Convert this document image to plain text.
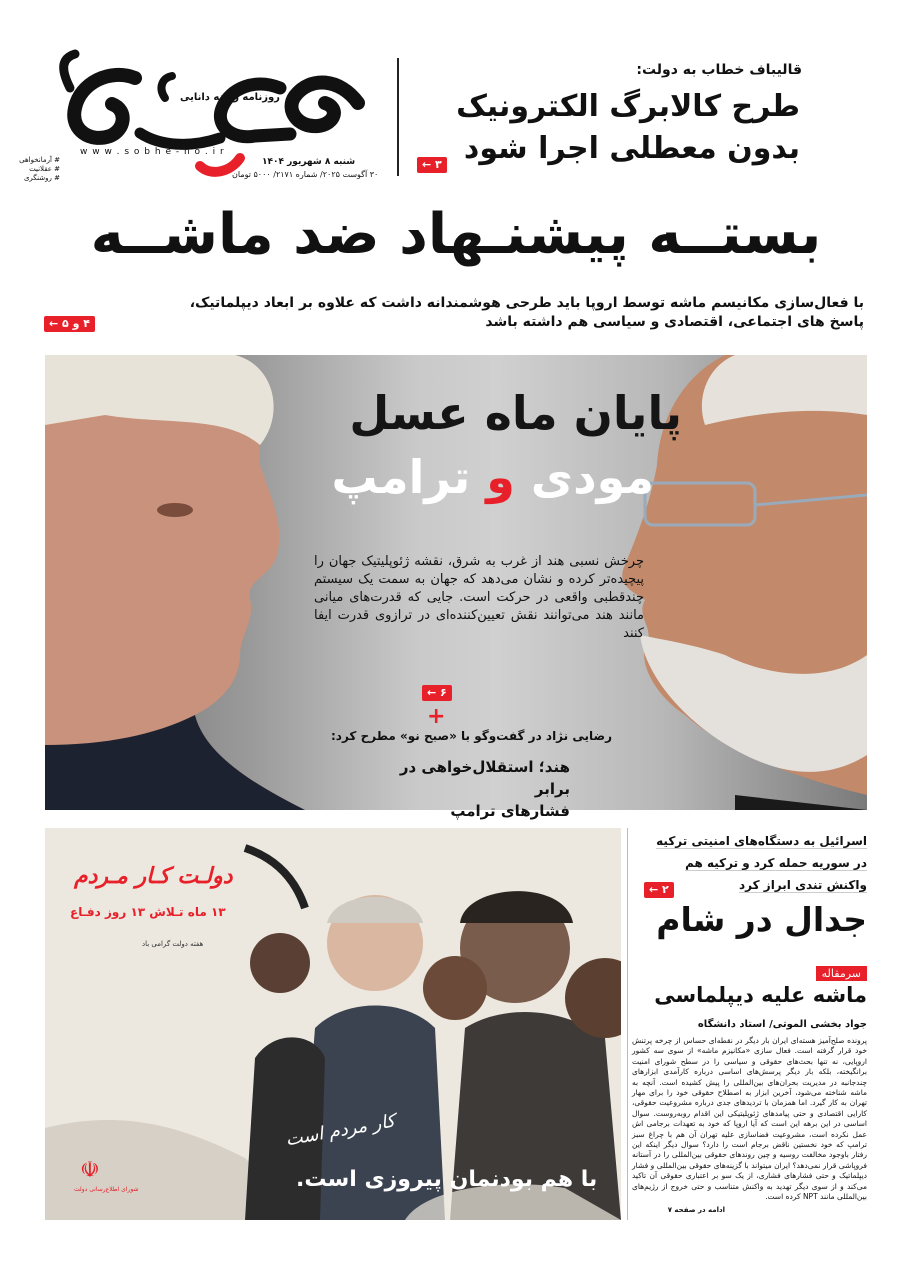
روزنامه زمانه دانایی
w w w . s o b h e - n o . i r
# آرمانخواهی
# عقلانیت
# روشنگری
شنبه ۸ شهریور ۱۴۰۴
۳۰ آگوست ۲۰۲۵/ شماره ۲۱۷۱/ ۵۰۰۰ تومان
قالیباف خطاب به دولت:
طرح کالابرگ الکترونیک
بدون معطلی اجرا شود
۳ ←
بستــه پیشنـهاد ضد ماشــه
با فعال‌سازی مکانیسم ماشه توسط اروپا باید طرحی هوشمندانه داشت که علاوه بر ابعاد دیپلماتیک،
پاسخ های اجتماعی، اقتصادی و سیاسی هم داشته باشد
۴ و ۵ ←
پایان ماه عسل
مودی و ترامپ
چرخش نسبی هند از غرب به شرق، نقشه ژئوپلیتیک جهان را پیچیده‌تر کرده و نشان می‌دهد که جهان به سمت یک سیستم چندقطبی واقعی در حرکت است. جایی که قدرت‌های میانی مانند هند می‌توانند نقش تعیین‌کننده‌ای در ترازوی قدرت ایفا کنند
۶ ←
+
رضایی نژاد در گفت‌وگو با «صبح نو» مطرح کرد:
هند؛ استقلال‌خواهی در برابر
فشارهای ترامپ
دولـت کـار مـردم
۱۳ ماه تـلاش ۱۳ روز دفـاع
هفته دولت گرامی باد
کار مردم است
با هم بودنمان پیروزی است.
☫
شورای اطلاع‌رسانی دولت
اسرائیل به دستگاه‌های امنیتی ترکیه
در سوریه حمله کرد و ترکیه هم
واکنش تندی ابراز کرد
۲ ←
جدال در شام
سرمقاله
ماشه علیه دیپلماسی
جواد بخشی الموتی/ استاد دانشگاه
پرونده صلح‌آمیز هسته‌ای ایران بار دیگر در نقطه‌ای حساس از چرخه پرتنش خود قرار گرفته است. فعال سازی «مکانیزم ماشه» از سوی سه کشور اروپایی، نه تنها بحث‌های حقوقی و سیاسی را در سطح شورای امنیت برانگیخته، بلکه بار دیگر پرسش‌های اساسی درباره کارآمدی ابزارهای چندجانبه در مدیریت بحران‌های بین‌المللی را پیش کشیده است. آنچه به ماشه شناخته می‌شود، آخرین ابزار به اصطلاح حقوقی خود را برای مهار تهران به کار گیرد. اما همزمان با تردیدهای جدی درباره مشروعیت حقوقی، کارایی اقتصادی و حتی پیامدهای ژئوپلیتیکی این اقدام روبه‌روست. سوال اساسی در این برهه این است که آیا اروپا که خود به تعهدات برجامی اش عمل نکرده است، مشروعیت فضاسازی علیه تهران آن هم با چراغ سبز ترامپ که خود نخستین ناقض برجام است را دارد؟ سوال دیگر اینکه این رفتار باوجود مخالفت روسیه و چین روندهای حقوقی بین‌المللی را در آستانه فروپاشی قرار نمی‌دهد؟ ایران میتواند با گزینه‌های حقوقی بین‌المللی و فشار دیپلماتیک و حتی فشارهای فشاری، از یک سو بر اعتباری حقوقی آن تاکید می‌کند و از سوی دیگر تهدید به واکنش متناسب و حتی خروج از رژیم‌های بین‌المللی مانند NPT کرده است.
ادامه در صفحه ۷
